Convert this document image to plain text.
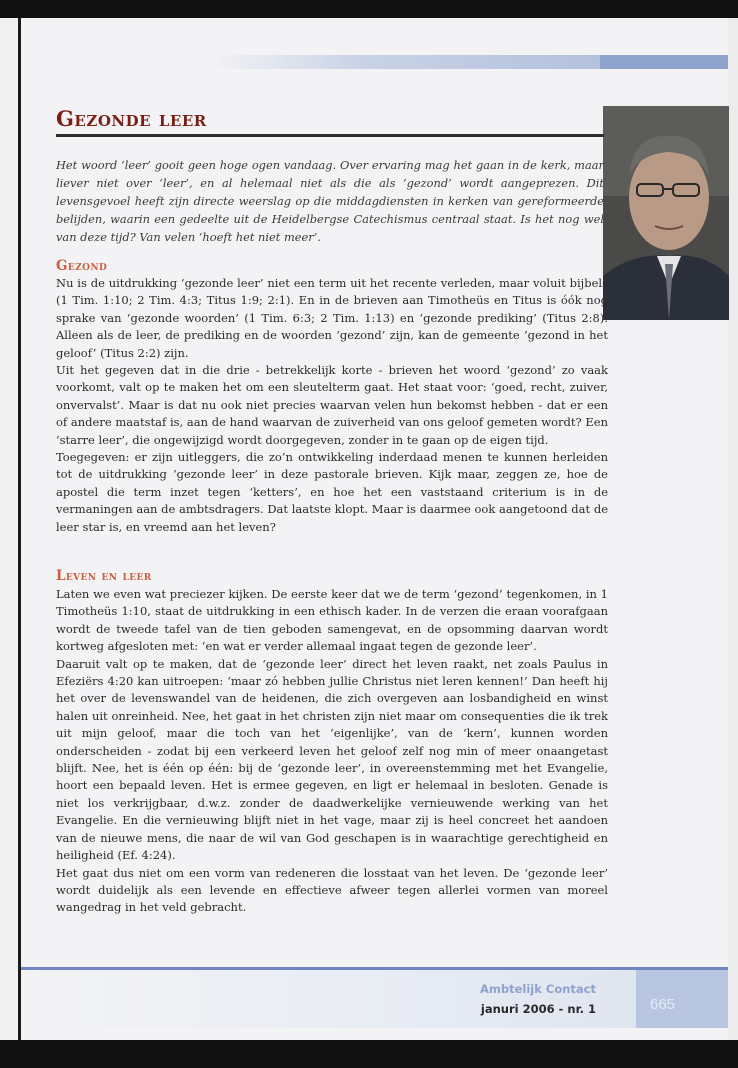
Gezonde leer

Het woord ‘leer’ gooit geen hoge ogen vandaag. Over ervaring mag het gaan in de kerk, maar liever niet over ‘leer’, en al helemaal niet als die als ‘gezond’ wordt aangeprezen. Dit levensgevoel heeft zijn directe weerslag op die middagdiensten in kerken van gereformeerde belijden, waarin een gedeelte uit de Heidelbergse Catechismus centraal staat. Is het nog wel van deze tijd? Van velen ‘hoeft het niet meer’.

Gezond

Nu is de uitdrukking ‘gezonde leer’ niet een term uit het recente verleden, maar voluit bijbels (1 Tim. 1:10; 2 Tim. 4:3; Titus 1:9; 2:1). En in de brieven aan Timotheüs en Titus is óók nog sprake van ‘gezonde woorden’ (1 Tim. 6:3; 2 Tim. 1:13) en ‘gezonde prediking’ (Titus 2:8). Alleen als de leer, de prediking en de woorden ‘gezond’ zijn, kan de gemeente ‘gezond in het geloof’ (Titus 2:2) zijn.

Uit het gegeven dat in die drie - betrekkelijk korte - brieven het woord ‘gezond’ zo vaak voorkomt, valt op te maken het om een sleutelterm gaat. Het staat voor: ‘goed, recht, zuiver, onvervalst’. Maar is dat nu ook niet precies waarvan velen hun bekomst hebben - dat er een of andere maatstaf is, aan de hand waarvan de zuiverheid van ons geloof gemeten wordt? Een ‘starre leer’, die ongewijzigd wordt doorgegeven, zonder in te gaan op de eigen tijd.

Toegegeven: er zijn uitleggers, die zo’n ontwikkeling inderdaad menen te kunnen herleiden tot de uitdrukking ‘gezonde leer’ in deze pastorale brieven. Kijk maar, zeggen ze, hoe de apostel die term inzet tegen ‘ketters’, en hoe het een vaststaand criterium is in de vermaningen aan de ambtsdragers. Dat laatste klopt. Maar is daarmee ook aangetoond dat de leer star is, en vreemd aan het leven?

Leven en leer

Laten we even wat preciezer kijken. De eerste keer dat we de term ‘gezond’ tegenkomen, in 1 Timotheüs 1:10, staat de uitdrukking in een ethisch kader. In de verzen die eraan voorafgaan wordt de tweede tafel van de tien geboden samengevat, en de opsomming daarvan wordt kortweg afgesloten met: ‘en wat er verder allemaal ingaat tegen de gezonde leer’.

Daaruit valt op te maken, dat de ‘gezonde leer’ direct het leven raakt, net zoals Paulus in Efeziërs 4:20 kan uitroepen: ‘maar zó hebben jullie Christus niet leren kennen!’ Dan heeft hij het over de levenswandel van de heidenen, die zich overgeven aan losbandigheid en winst halen uit onreinheid. Nee, het gaat in het christen zijn niet maar om consequenties die ik trek uit mijn geloof, maar die toch van het ‘eigenlijke’, van de ‘kern’, kunnen worden onderscheiden - zodat bij een verkeerd leven het geloof zelf nog min of meer onaangetast blijft. Nee, het is één op één: bij de ‘gezonde leer’, in overeenstemming met het Evangelie, hoort een bepaald leven. Het is ermee gegeven, en ligt er helemaal in besloten. Genade is niet los verkrijgbaar, d.w.z. zonder de daadwerkelijke vernieuwende werking van het Evangelie. En die vernieuwing blijft niet in het vage, maar zij is heel concreet het aandoen van de nieuwe mens, die naar de wil van God geschapen is in waarachtige gerechtigheid en heiligheid (Ef. 4:24).

Het gaat dus niet om een vorm van redeneren die losstaat van het leven. De ‘gezonde leer’ wordt duidelijk als een levende en effectieve afweer tegen allerlei vormen van moreel wangedrag in het veld gebracht.

665

Ambtelijk Contact

januri 2006 - nr. 1
